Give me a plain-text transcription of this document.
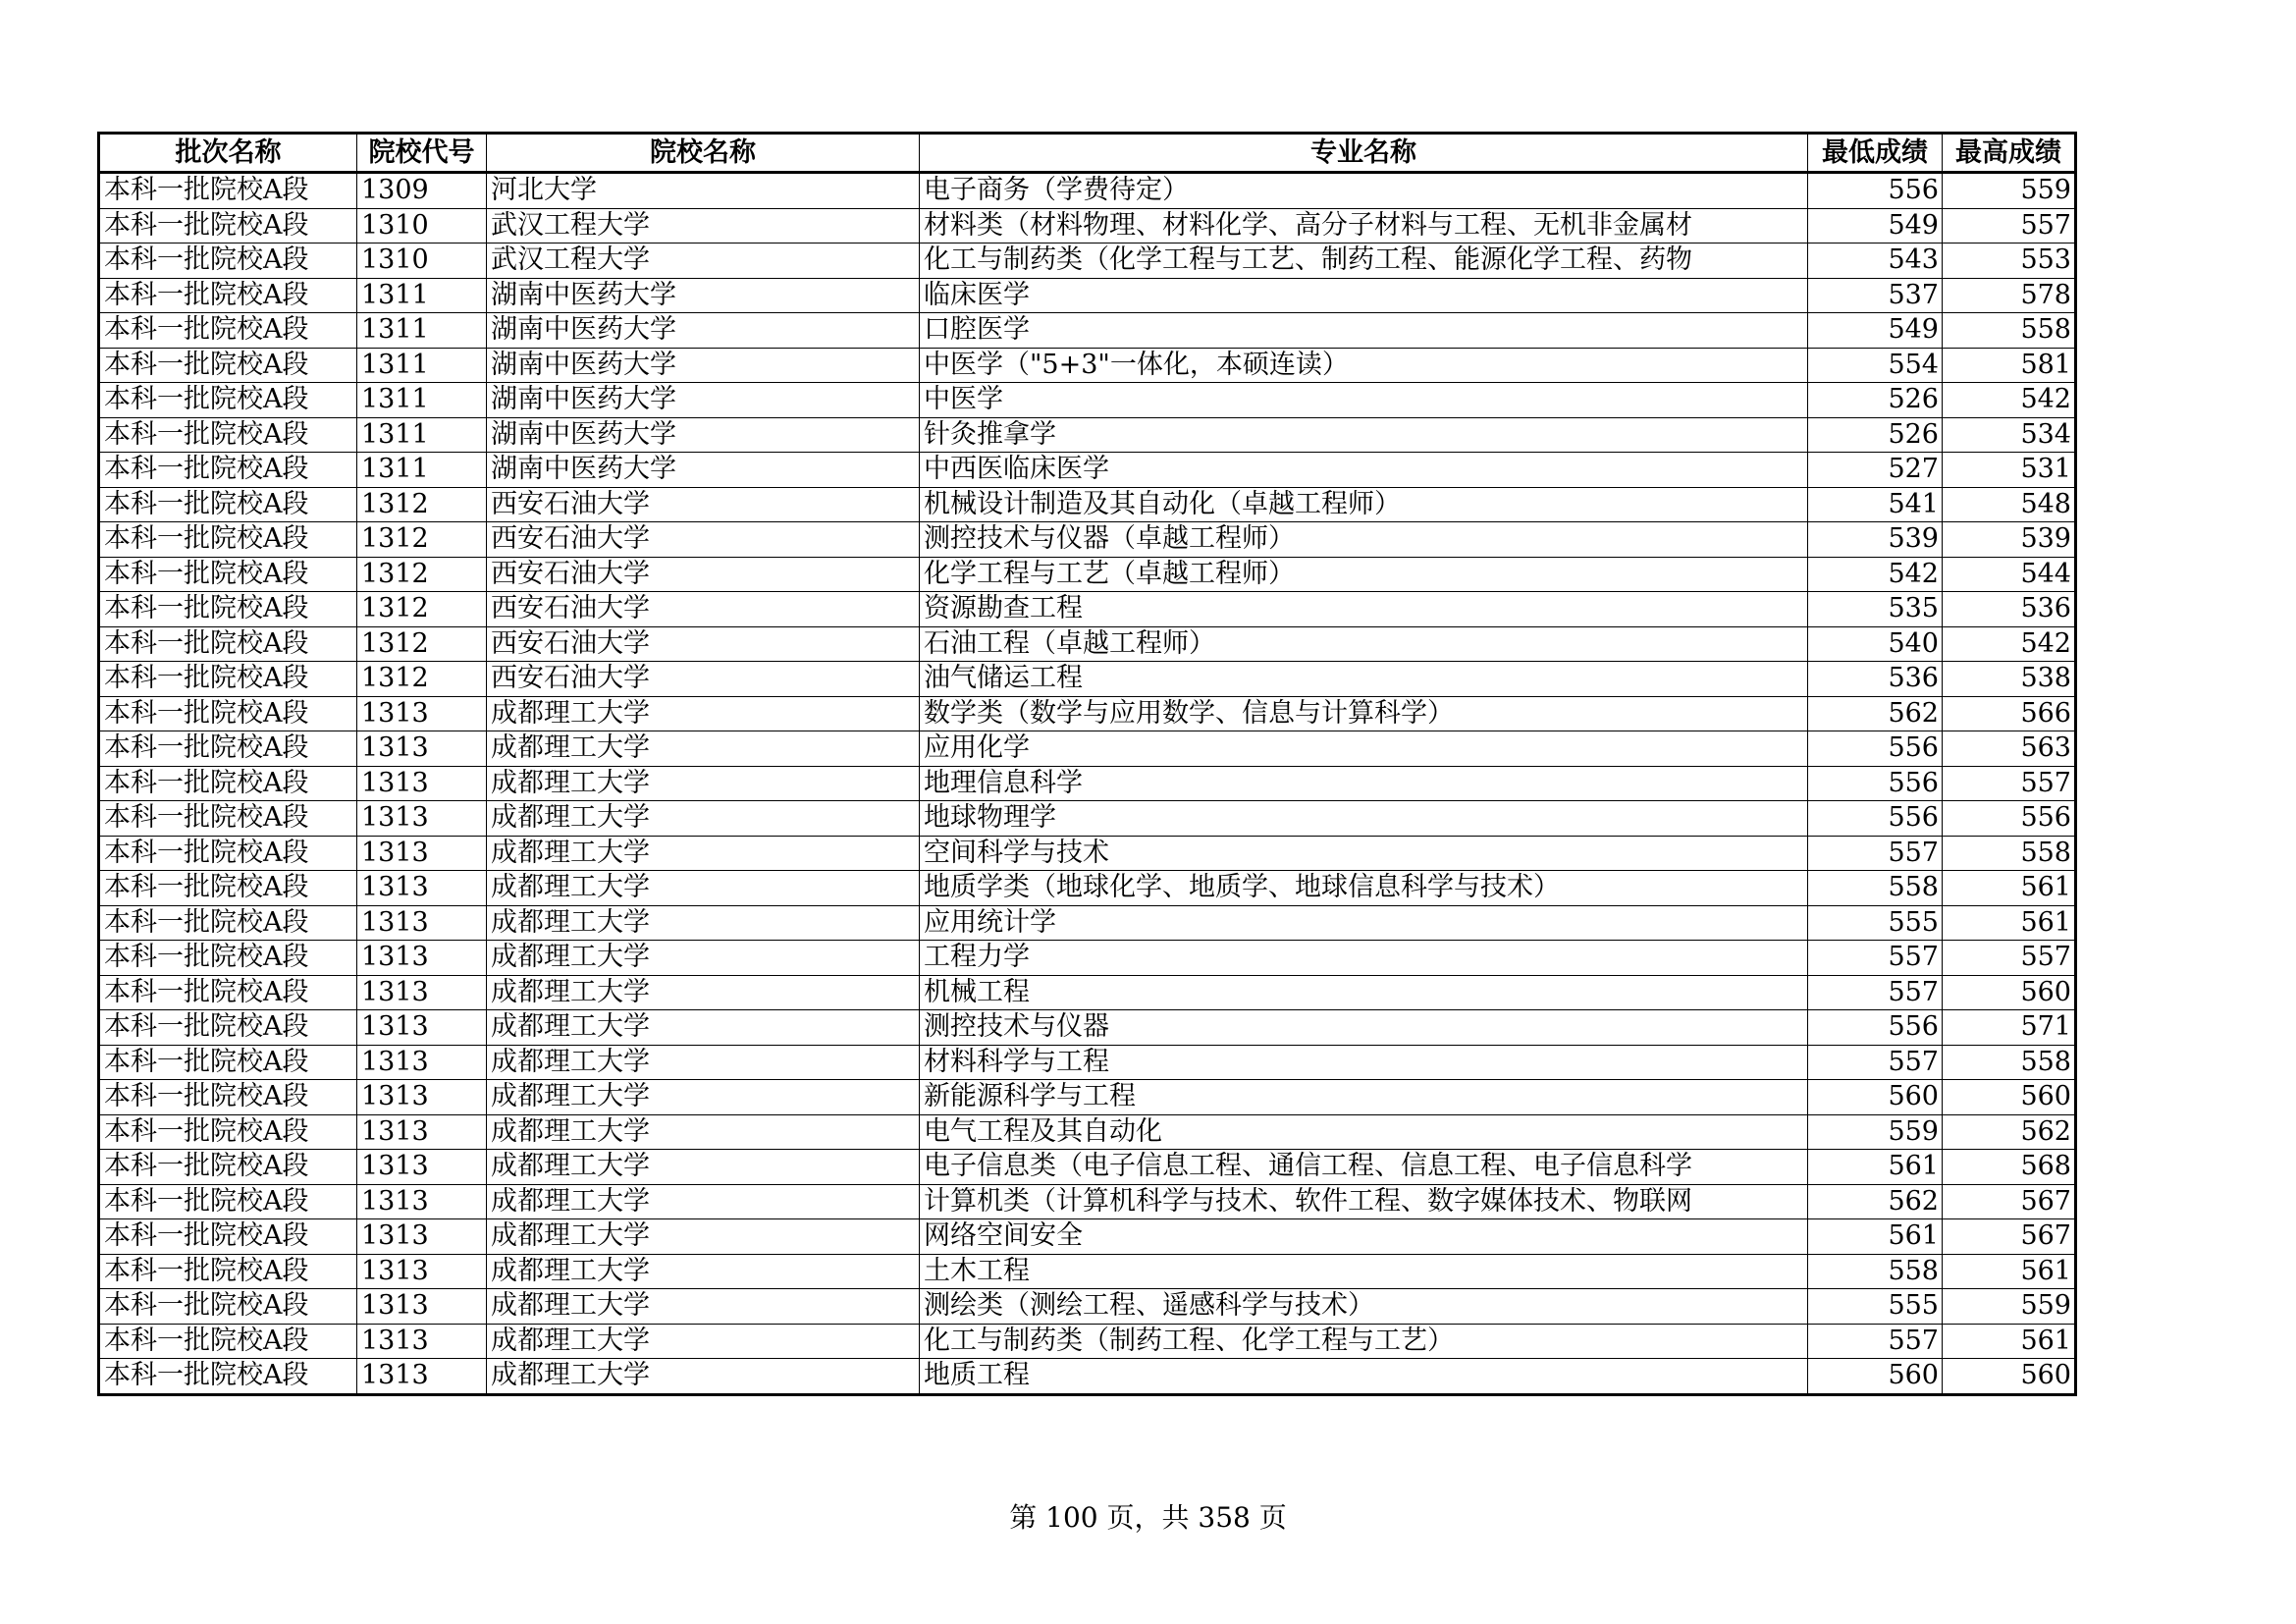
批次名称	院校代号	院校名称	专业名称	最低成绩	最高成绩
本科一批院校A段	1309	河北大学	电子商务（学费待定）	556	559
本科一批院校A段	1310	武汉工程大学	材料类（材料物理、材料化学、高分子材料与工程、无机非金属材	549	557
本科一批院校A段	1310	武汉工程大学	化工与制药类（化学工程与工艺、制药工程、能源化学工程、药物	543	553
本科一批院校A段	1311	湖南中医药大学	临床医学	537	578
本科一批院校A段	1311	湖南中医药大学	口腔医学	549	558
本科一批院校A段	1311	湖南中医药大学	中医学（"5+3"一体化，本硕连读）	554	581
本科一批院校A段	1311	湖南中医药大学	中医学	526	542
本科一批院校A段	1311	湖南中医药大学	针灸推拿学	526	534
本科一批院校A段	1311	湖南中医药大学	中西医临床医学	527	531
本科一批院校A段	1312	西安石油大学	机械设计制造及其自动化（卓越工程师）	541	548
本科一批院校A段	1312	西安石油大学	测控技术与仪器（卓越工程师）	539	539
本科一批院校A段	1312	西安石油大学	化学工程与工艺（卓越工程师）	542	544
本科一批院校A段	1312	西安石油大学	资源勘查工程	535	536
本科一批院校A段	1312	西安石油大学	石油工程（卓越工程师）	540	542
本科一批院校A段	1312	西安石油大学	油气储运工程	536	538
本科一批院校A段	1313	成都理工大学	数学类（数学与应用数学、信息与计算科学）	562	566
本科一批院校A段	1313	成都理工大学	应用化学	556	563
本科一批院校A段	1313	成都理工大学	地理信息科学	556	557
本科一批院校A段	1313	成都理工大学	地球物理学	556	556
本科一批院校A段	1313	成都理工大学	空间科学与技术	557	558
本科一批院校A段	1313	成都理工大学	地质学类（地球化学、地质学、地球信息科学与技术）	558	561
本科一批院校A段	1313	成都理工大学	应用统计学	555	561
本科一批院校A段	1313	成都理工大学	工程力学	557	557
本科一批院校A段	1313	成都理工大学	机械工程	557	560
本科一批院校A段	1313	成都理工大学	测控技术与仪器	556	571
本科一批院校A段	1313	成都理工大学	材料科学与工程	557	558
本科一批院校A段	1313	成都理工大学	新能源科学与工程	560	560
本科一批院校A段	1313	成都理工大学	电气工程及其自动化	559	562
本科一批院校A段	1313	成都理工大学	电子信息类（电子信息工程、通信工程、信息工程、电子信息科学	561	568
本科一批院校A段	1313	成都理工大学	计算机类（计算机科学与技术、软件工程、数字媒体技术、物联网	562	567
本科一批院校A段	1313	成都理工大学	网络空间安全	561	567
本科一批院校A段	1313	成都理工大学	土木工程	558	561
本科一批院校A段	1313	成都理工大学	测绘类（测绘工程、遥感科学与技术）	555	559
本科一批院校A段	1313	成都理工大学	化工与制药类（制药工程、化学工程与工艺）	557	561
本科一批院校A段	1313	成都理工大学	地质工程	560	560
第 100 页，共 358 页
